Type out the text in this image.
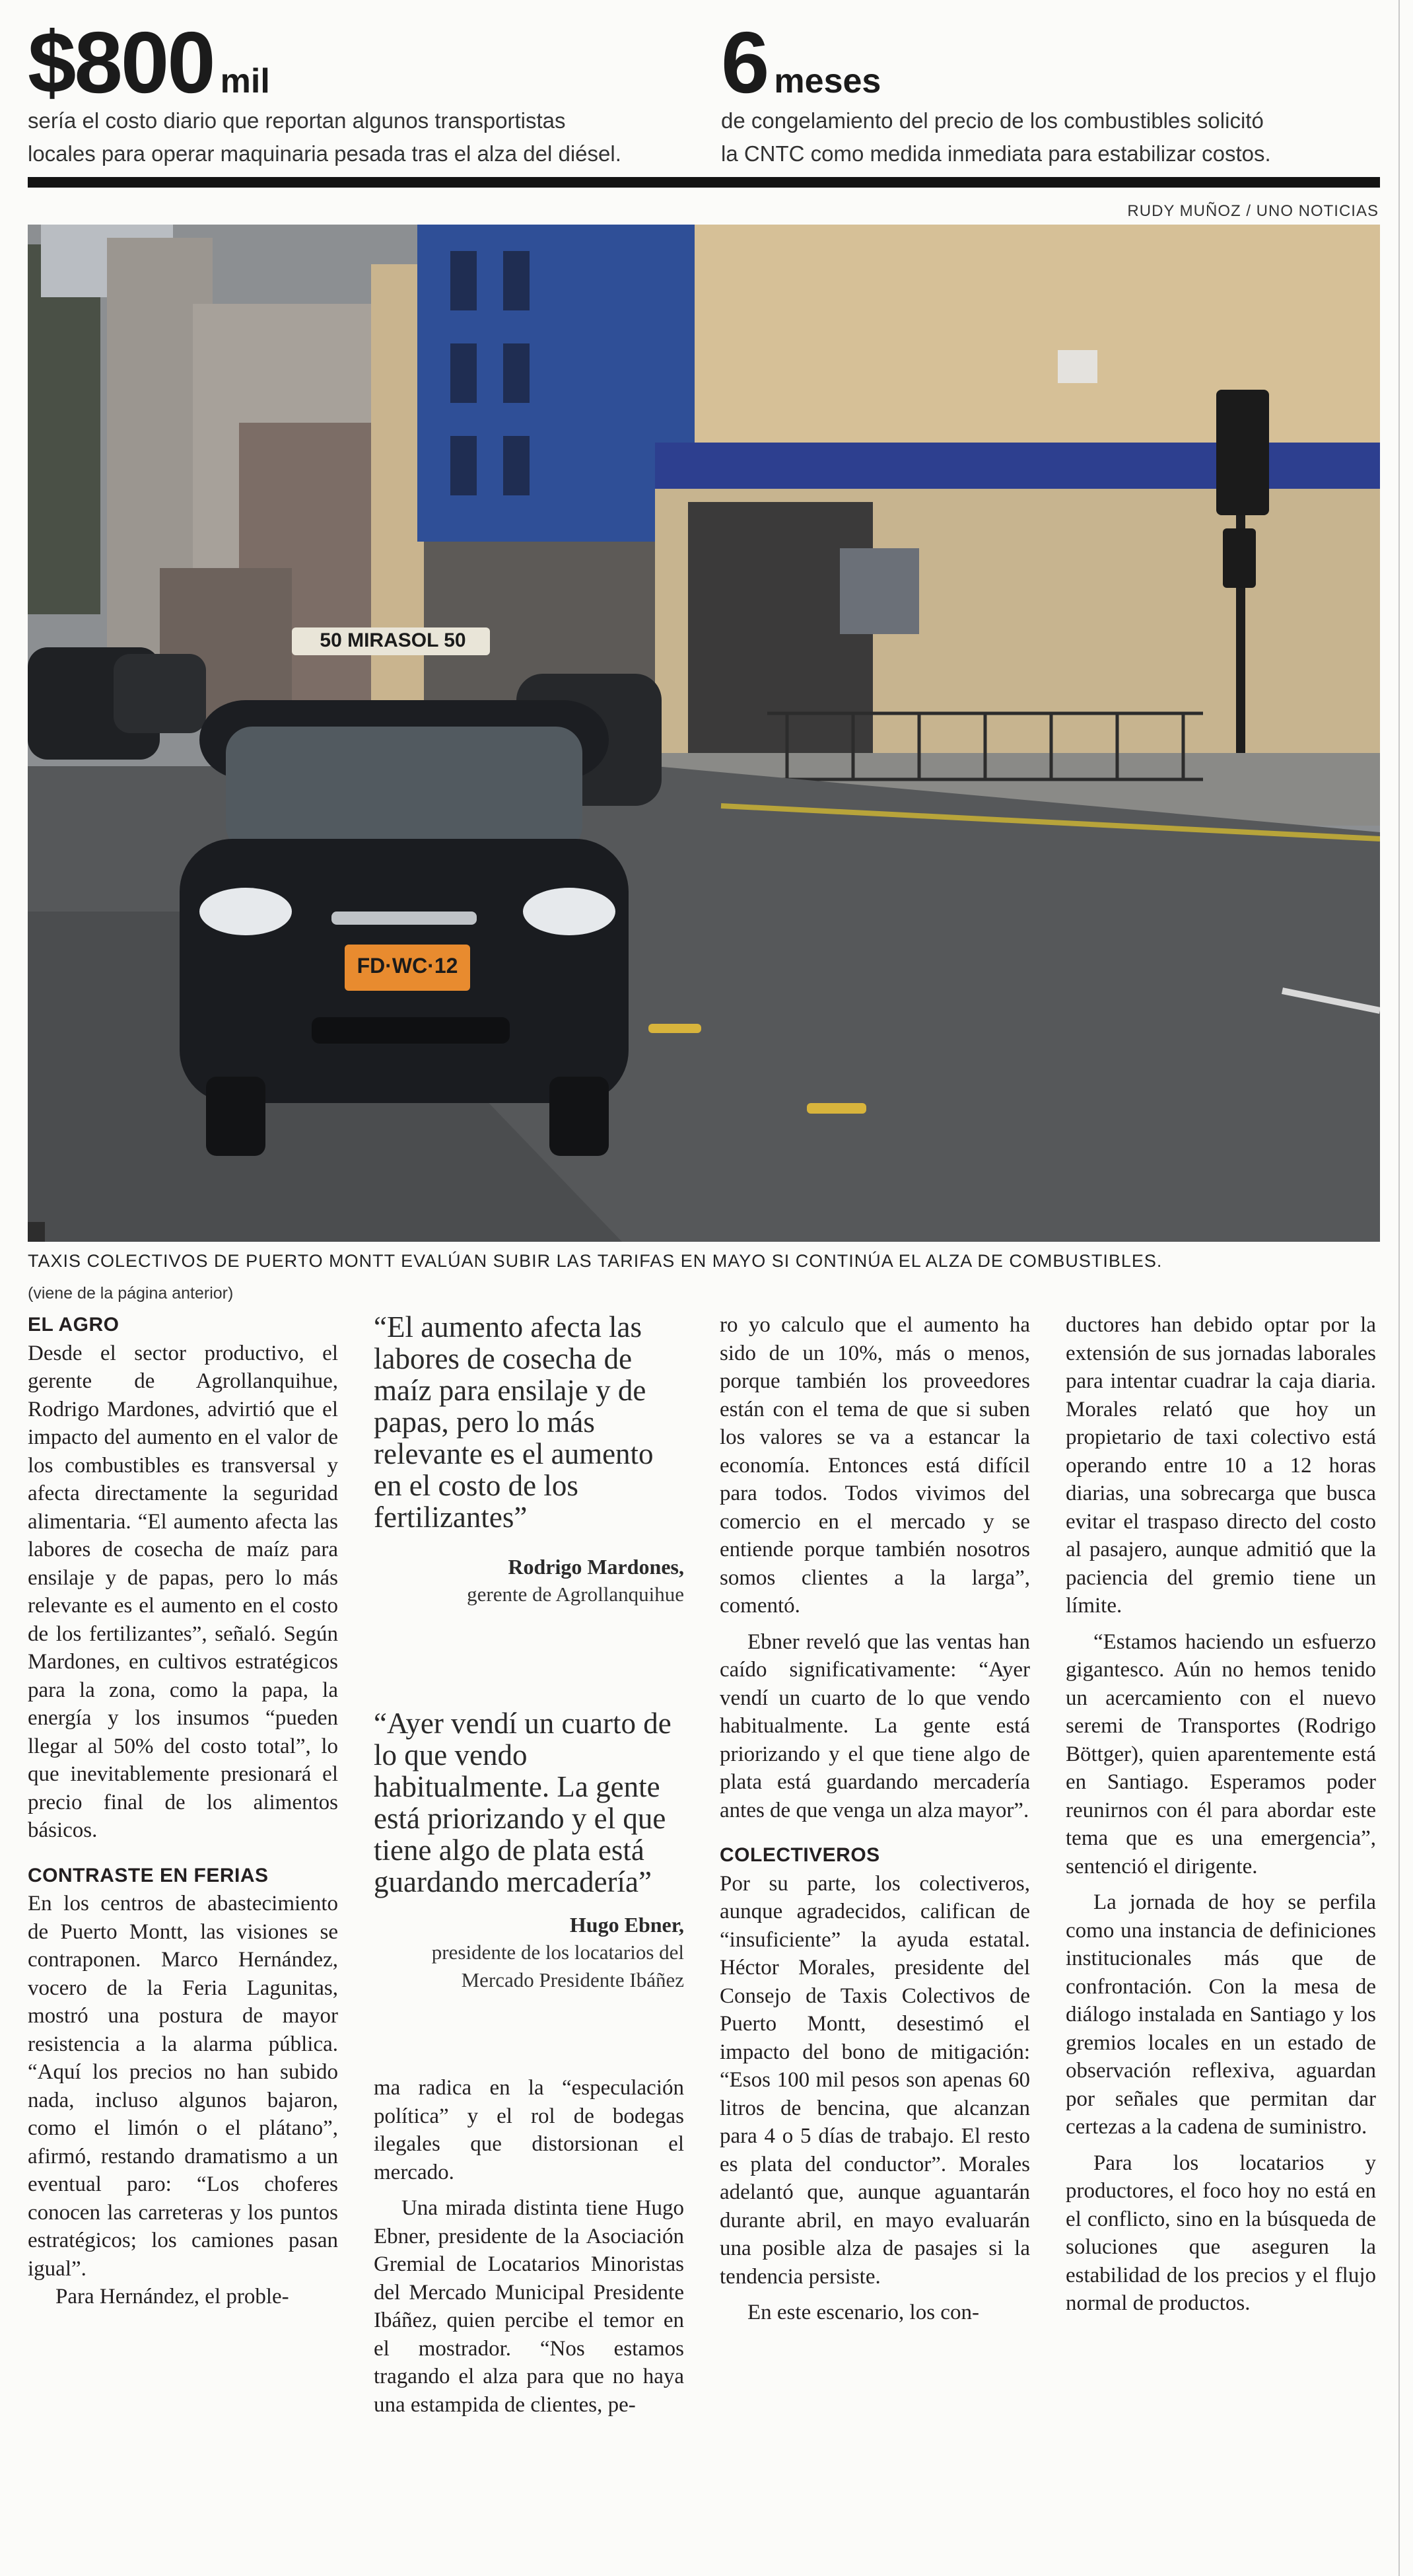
$800 mil
sería el costo diario que reportan algunos transportistas
locales para operar maquinaria pesada tras el alza del diésel.
6 meses
de congelamiento del precio de los combustibles solicitó
la CNTC como medida inmediata para estabilizar costos.
RUDY MUÑOZ / UNO NOTICIAS
50 MIRASOL 50
FD·WC·12
TAXIS COLECTIVOS DE PUERTO MONTT EVALÚAN SUBIR LAS TARIFAS EN MAYO SI CONTINÚA EL ALZA DE COMBUSTIBLES.
(viene de la página anterior)
EL AGRO

Desde el sector productivo, el gerente de Agrollanquihue, Rodrigo Mardones, advirtió que el impacto del aumento en el valor de los combustibles es transversal y afecta directamente la seguridad alimentaria. “El aumento afecta las labores de cosecha de maíz para ensilaje y de papas, pero lo más relevante es el aumento en el costo de los fertilizantes”, señaló. Según Mardones, en cultivos estratégicos para la zona, como la papa, la energía y los insumos “pueden llegar al 50% del costo total”, lo que inevitablemente presionará el precio final de los alimentos básicos.

CONTRASTE EN FERIAS

En los centros de abastecimiento de Puerto Montt, las visiones se contraponen. Marco Hernández, vocero de la Feria Lagunitas, mostró una postura de mayor resistencia a la alarma pública. “Aquí los precios no han subido nada, incluso algunos bajaron, como el limón o el plátano”, afirmó, restando dramatismo a un eventual paro: “Los choferes conocen las carreteras y los puntos estratégicos; los camiones pasan igual”.

Para Hernández, el proble-

“El aumento afecta las labores de cosecha de maíz para ensilaje y de papas, pero lo más relevante es el aumento en el costo de los fertilizantes”
Rodrigo Mardones,
gerente de Agrollanquihue
“Ayer vendí un cuarto de lo que vendo habitualmente. La gente está priorizando y el que tiene algo de plata está guardando mercadería”
Hugo Ebner,
presidente de los locatarios del Mercado Presidente Ibáñez

ma radica en la “especulación política” y el rol de bodegas ilegales que distorsionan el mercado.

Una mirada distinta tiene Hugo Ebner, presidente de la Asociación Gremial de Locatarios Minoristas del Mercado Municipal Presidente Ibáñez, quien percibe el temor en el mostrador. “Nos estamos tragando el alza para que no haya una estampida de clientes, pe-

ro yo calculo que el aumento ha sido de un 10%, más o menos, porque también los proveedores están con el tema de que si suben los valores se va a estancar la economía. Entonces está difícil para todos. Todos vivimos del comercio en el mercado y se entiende porque también nosotros somos clientes a la larga”, comentó.

Ebner reveló que las ventas han caído significativamente: “Ayer vendí un cuarto de lo que vendo habitualmente. La gente está priorizando y el que tiene algo de plata está guardando mercadería antes de que venga un alza mayor”.

COLECTIVEROS

Por su parte, los colectiveros, aunque agradecidos, califican de “insuficiente” la ayuda estatal. Héctor Morales, presidente del Consejo de Taxis Colectivos de Puerto Montt, desestimó el impacto del bono de mitigación: “Esos 100 mil pesos son apenas 60 litros de bencina, que alcanzan para 4 o 5 días de trabajo. El resto es plata del conductor”. Morales adelantó que, aunque aguantarán durante abril, en mayo evaluarán una posible alza de pasajes si la tendencia persiste.

En este escenario, los con-

ductores han debido optar por la extensión de sus jornadas laborales para intentar cuadrar la caja diaria. Morales relató que hoy un propietario de taxi colectivo está operando entre 10 a 12 horas diarias, una sobrecarga que busca evitar el traspaso directo del costo al pasajero, aunque admitió que la paciencia del gremio tiene un límite.

“Estamos haciendo un esfuerzo gigantesco. Aún no hemos tenido un acercamiento con el nuevo seremi de Transportes (Rodrigo Böttger), quien aparentemente está en Santiago. Esperamos poder reunirnos con él para abordar este tema que es una emergencia”, sentenció el dirigente.

La jornada de hoy se perfila como una instancia de definiciones institucionales más que de confrontación. Con la mesa de diálogo instalada en Santiago y los gremios locales en un estado de observación reflexiva, aguardan por señales que permitan dar certezas a la cadena de suministro.

Para los locatarios y productores, el foco hoy no está en el conflicto, sino en la búsqueda de soluciones que aseguren la estabilidad de los precios y el flujo normal de productos.
